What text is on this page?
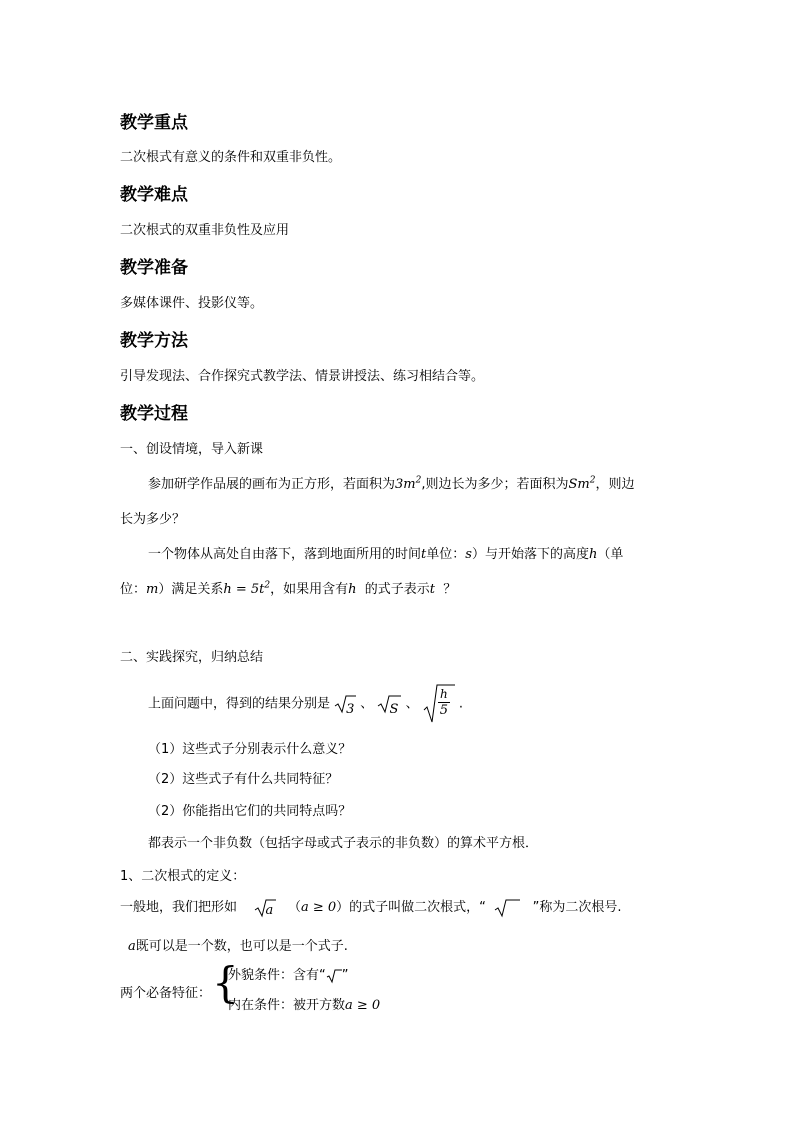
教学重点
二次根式有意义的条件和双重非负性。
教学难点
二次根式的双重非负性及应用
教学准备
多媒体课件、投影仪等。
教学方法
引导发现法、合作探究式教学法、情景讲授法、练习相结合等。
教学过程
一、创设情境，导入新课
参加研学作品展的画布为正方形，若面积为$3m^2$,则边长为多少；若面积为Sm$^2$，则边
长为多少？
一个物体从高处自由落下，落到地面所用的时间t单位：s）与开始落下的高度h（单
位：m）满足关系$h = 5t^2$，如果用含有h 的式子表示t ？
二、实践探究，归纳总结
上面问题中，得到的结果分别是 3 、 S 、 $\frac{h}{5}$ .
（1）这些式子分别表示什么意义？
（2）这些式子有什么共同特征？
（2）你能指出它们的共同特点吗？
都表示一个非负数（包括字母或式子表示的非负数）的算术平方根．
1、二次根式的定义：
一般地，我们把形如 a （a ≥ 0）的式子叫做二次根式，“	”称为二次根号.
a既可以是一个数，也可以是一个式子.
两个必备特征： {
外貌条件：含有“ ”
内在条件：被开方数a ≥ 0
